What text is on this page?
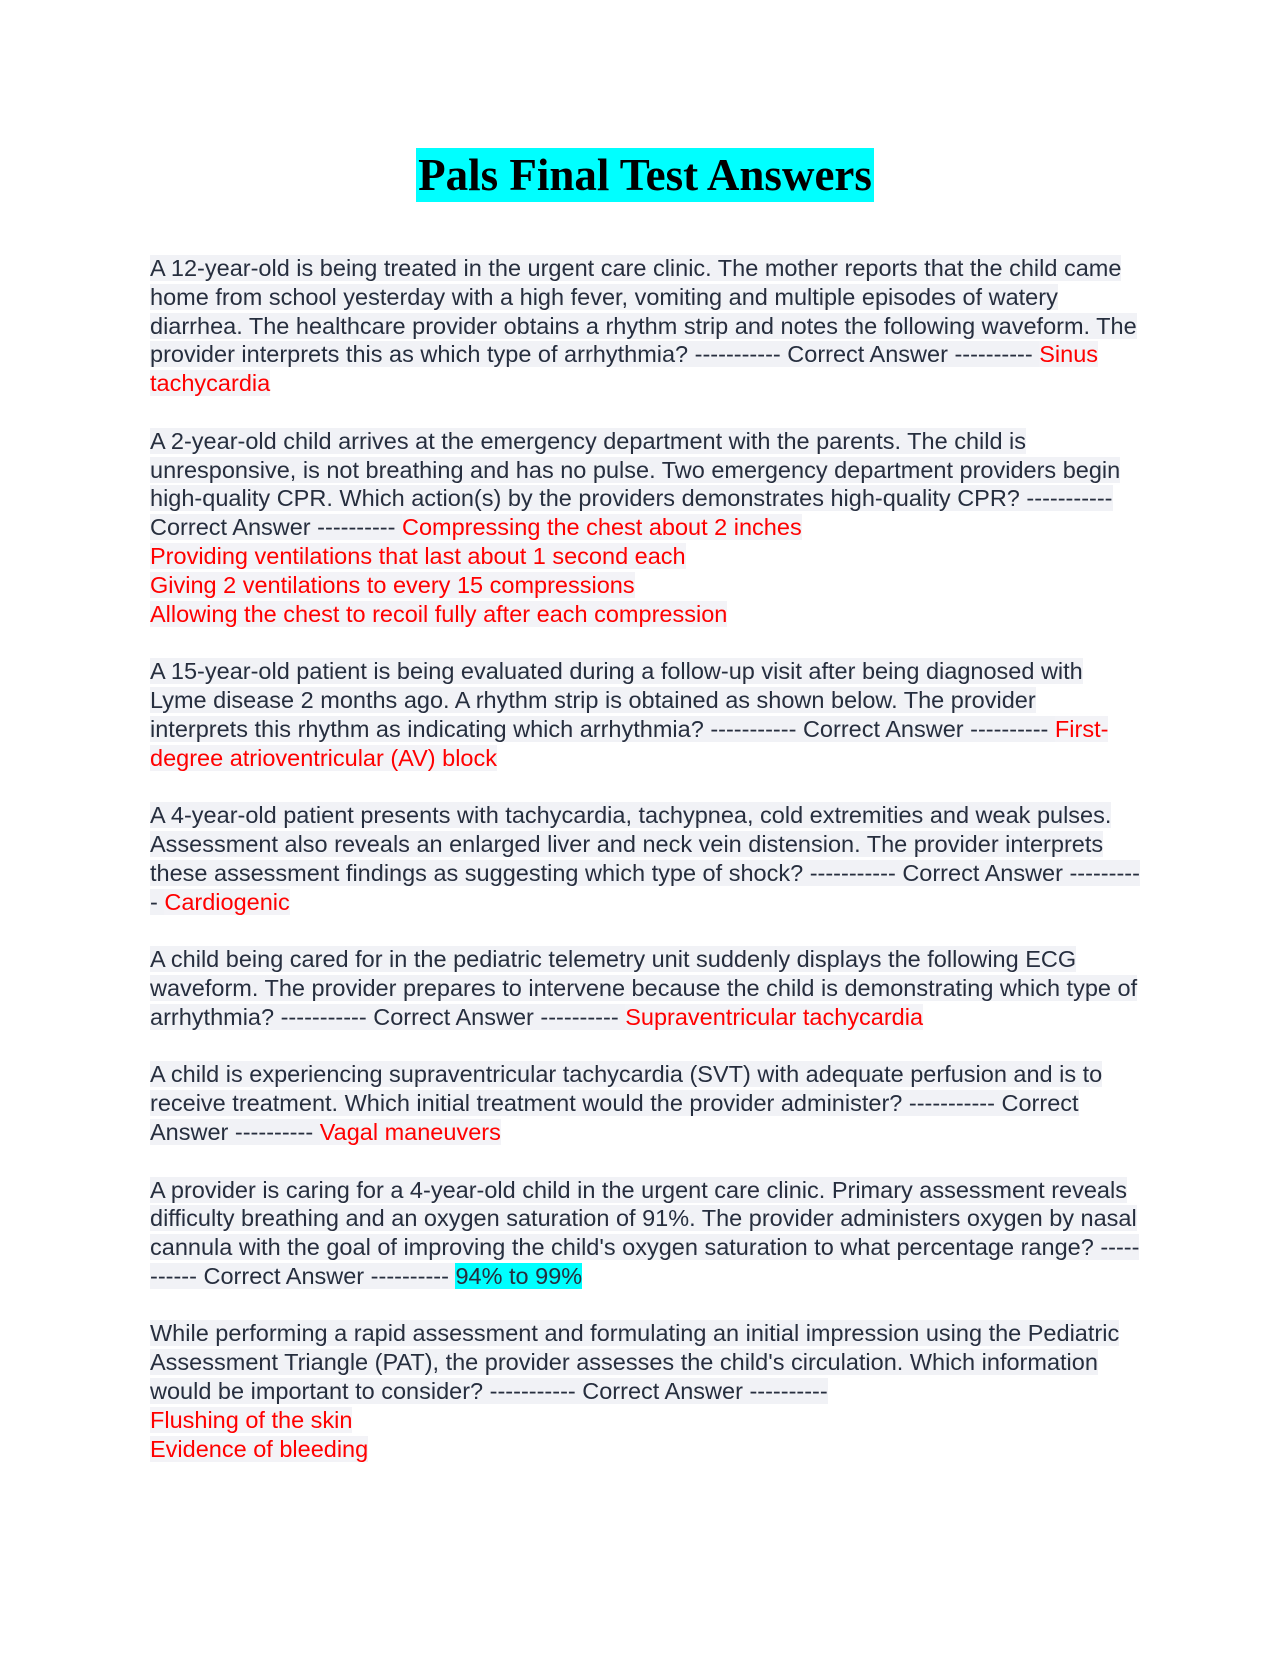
Pals Final Test Answers

A 12-year-old is being treated in the urgent care clinic. The mother reports that the child came home from school yesterday with a high fever, vomiting and multiple episodes of watery diarrhea. The healthcare provider obtains a rhythm strip and notes the following waveform. The provider interprets this as which type of arrhythmia? ----------- Correct Answer ---------- Sinus tachycardia

A 2-year-old child arrives at the emergency department with the parents. The child is unresponsive, is not breathing and has no pulse. Two emergency department providers begin high-quality CPR. Which action(s) by the providers demonstrates high-quality CPR? ----------- Correct Answer ---------- Compressing the chest about 2 inches
Providing ventilations that last about 1 second each
Giving 2 ventilations to every 15 compressions
Allowing the chest to recoil fully after each compression

A 15-year-old patient is being evaluated during a follow-up visit after being diagnosed with Lyme disease 2 months ago. A rhythm strip is obtained as shown below. The provider interprets this rhythm as indicating which arrhythmia? ----------- Correct Answer ---------- First-degree atrioventricular (AV) block

A 4-year-old patient presents with tachycardia, tachypnea, cold extremities and weak pulses. Assessment also reveals an enlarged liver and neck vein distension. The provider interprets these assessment findings as suggesting which type of shock? ----------- Correct Answer ---------- Cardiogenic

A child being cared for in the pediatric telemetry unit suddenly displays the following ECG waveform. The provider prepares to intervene because the child is demonstrating which type of arrhythmia? ----------- Correct Answer ---------- Supraventricular tachycardia

A child is experiencing supraventricular tachycardia (SVT) with adequate perfusion and is to receive treatment. Which initial treatment would the provider administer? ----------- Correct Answer ---------- Vagal maneuvers

A provider is caring for a 4-year-old child in the urgent care clinic. Primary assessment reveals difficulty breathing and an oxygen saturation of 91%. The provider administers oxygen by nasal cannula with the goal of improving the child's oxygen saturation to what percentage range? ----------- Correct Answer ---------- 94% to 99%

While performing a rapid assessment and formulating an initial impression using the Pediatric Assessment Triangle (PAT), the provider assesses the child's circulation. Which information would be important to consider? ----------- Correct Answer ----------
Flushing of the skin
Evidence of bleeding
